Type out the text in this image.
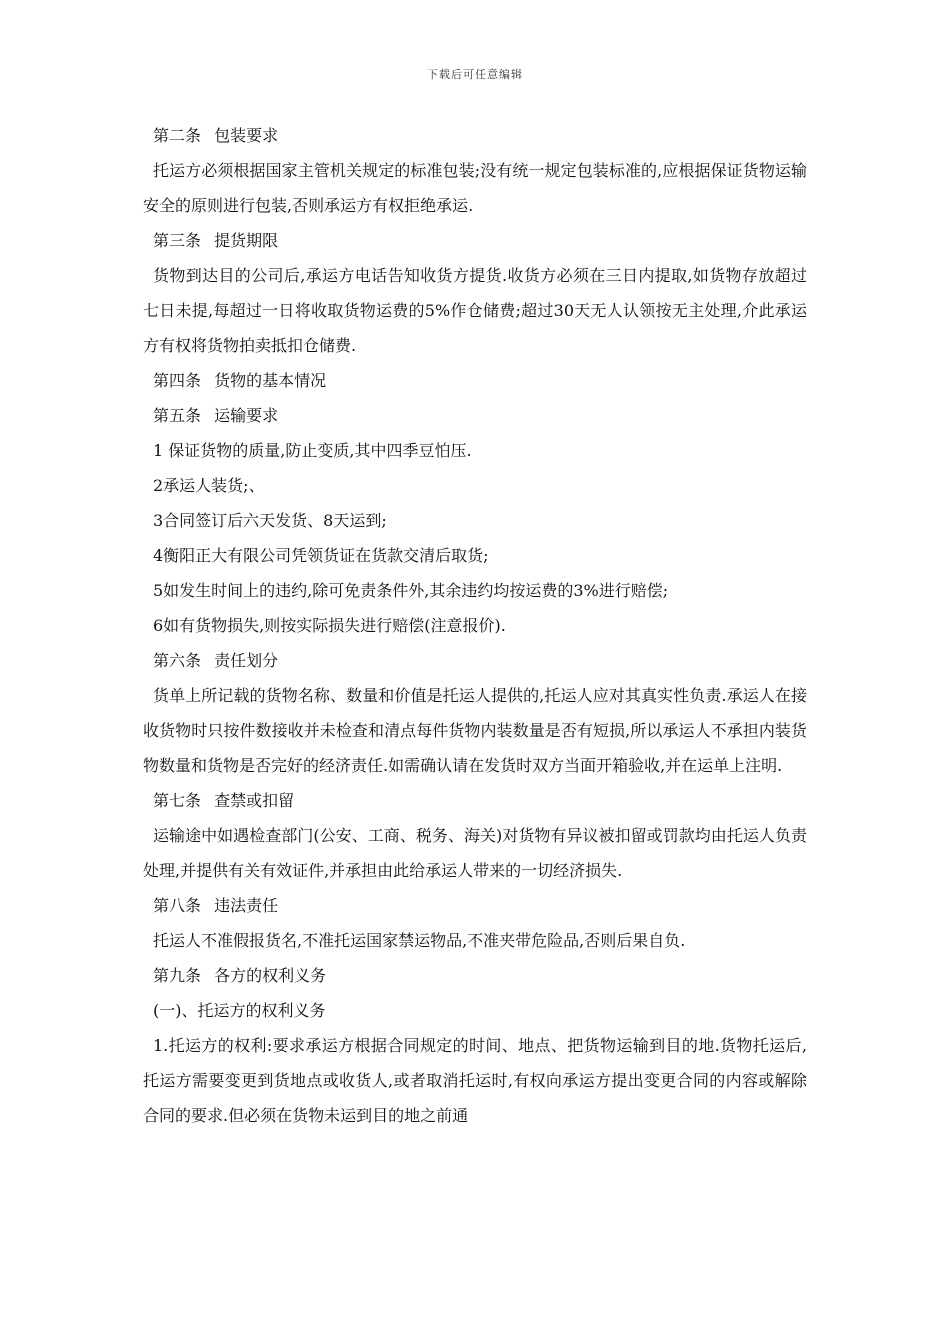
下载后可任意编辑

第二条 包装要求

托运方必须根据国家主管机关规定的标准包装;没有统一规定包装标准的,应根据保证货物运输安全的原则进行包装,否则承运方有权拒绝承运.

第三条 提货期限

货物到达目的公司后,承运方电话告知收货方提货.收货方必须在三日内提取,如货物存放超过七日未提,每超过一日将收取货物运费的5%作仓储费;超过30天无人认领按无主处理,介此承运方有权将货物拍卖抵扣仓储费.

第四条 货物的基本情况

第五条 运输要求

1 保证货物的质量,防止变质,其中四季豆怕压.

2承运人装货;、

3合同签订后六天发货、8天运到;

4衡阳正大有限公司凭领货证在货款交清后取货;

5如发生时间上的违约,除可免责条件外,其余违约均按运费的3%进行赔偿;

6如有货物损失,则按实际损失进行赔偿(注意报价).

第六条 责任划分

货单上所记载的货物名称、数量和价值是托运人提供的,托运人应对其真实性负责.承运人在接收货物时只按件数接收并未检查和清点每件货物内装数量是否有短损,所以承运人不承担内装货物数量和货物是否完好的经济责任.如需确认请在发货时双方当面开箱验收,并在运单上注明.

第七条 查禁或扣留

运输途中如遇检查部门(公安、工商、税务、海关)对货物有异议被扣留或罚款均由托运人负责处理,并提供有关有效证件,并承担由此给承运人带来的一切经济损失.

第八条 违法责任

托运人不准假报货名,不准托运国家禁运物品,不准夹带危险品,否则后果自负.

第九条 各方的权利义务

(一)、托运方的权利义务

1.托运方的权利:要求承运方根据合同规定的时间、地点、把货物运输到目的地.货物托运后,托运方需要变更到货地点或收货人,或者取消托运时,有权向承运方提出变更合同的内容或解除合同的要求.但必须在货物未运到目的地之前通
